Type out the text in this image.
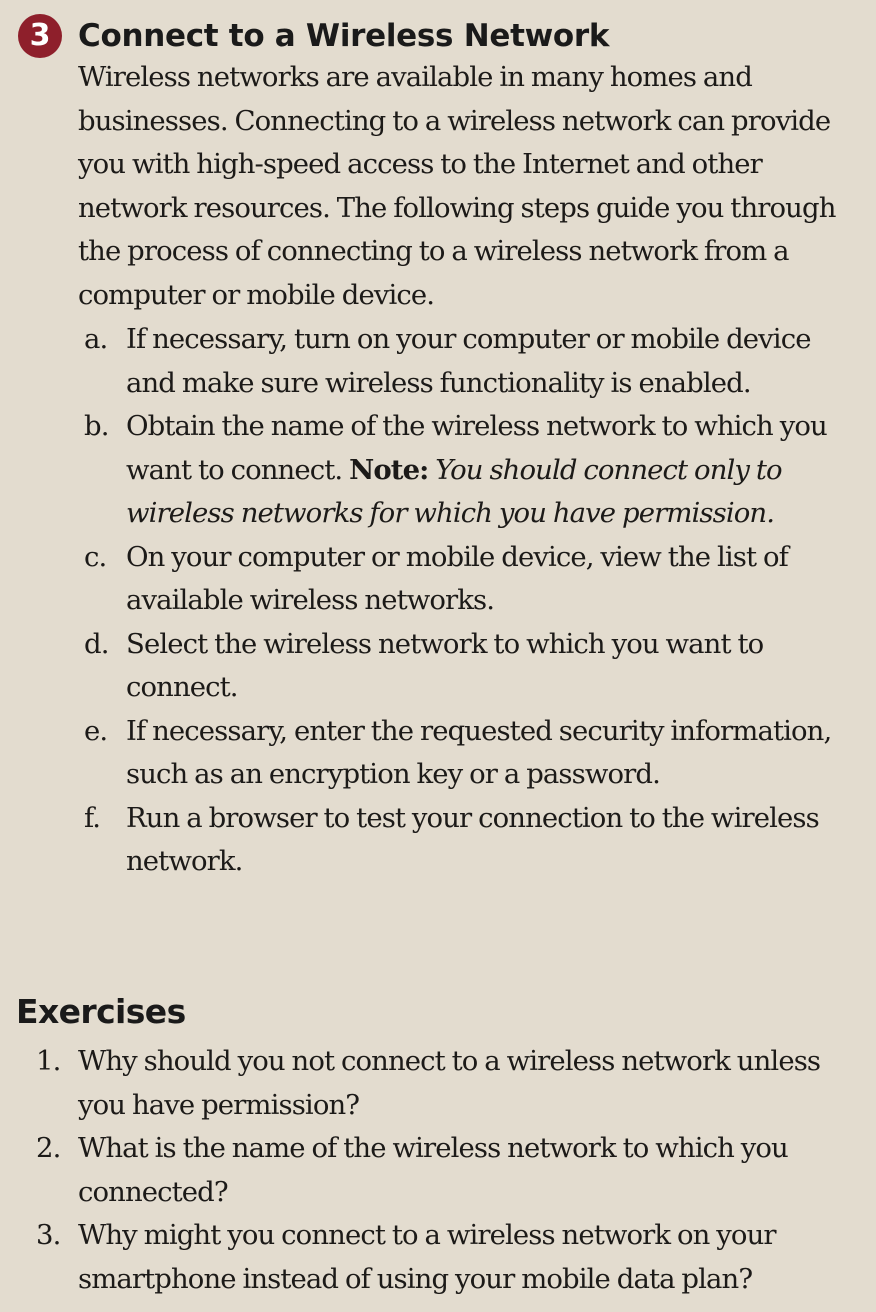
3 Connect to a Wireless Network

Wireless networks are available in many homes and businesses. Connecting to a wireless network can provide you with high-speed access to the Internet and other network resources. The following steps guide you through the process of connecting to a wireless network from a computer or mobile device.

a. If necessary, turn on your computer or mobile device and make sure wireless functionality is enabled.
b. Obtain the name of the wireless network to which you want to connect. Note: You should connect only to wireless networks for which you have permission.
c. On your computer or mobile device, view the list of available wireless networks.
d. Select the wireless network to which you want to connect.
e. If necessary, enter the requested security information, such as an encryption key or a password.
f. Run a browser to test your connection to the wireless network.
Exercises
1. Why should you not connect to a wireless network unless you have permission?
2. What is the name of the wireless network to which you connected?
3. Why might you connect to a wireless network on your smartphone instead of using your mobile data plan?
